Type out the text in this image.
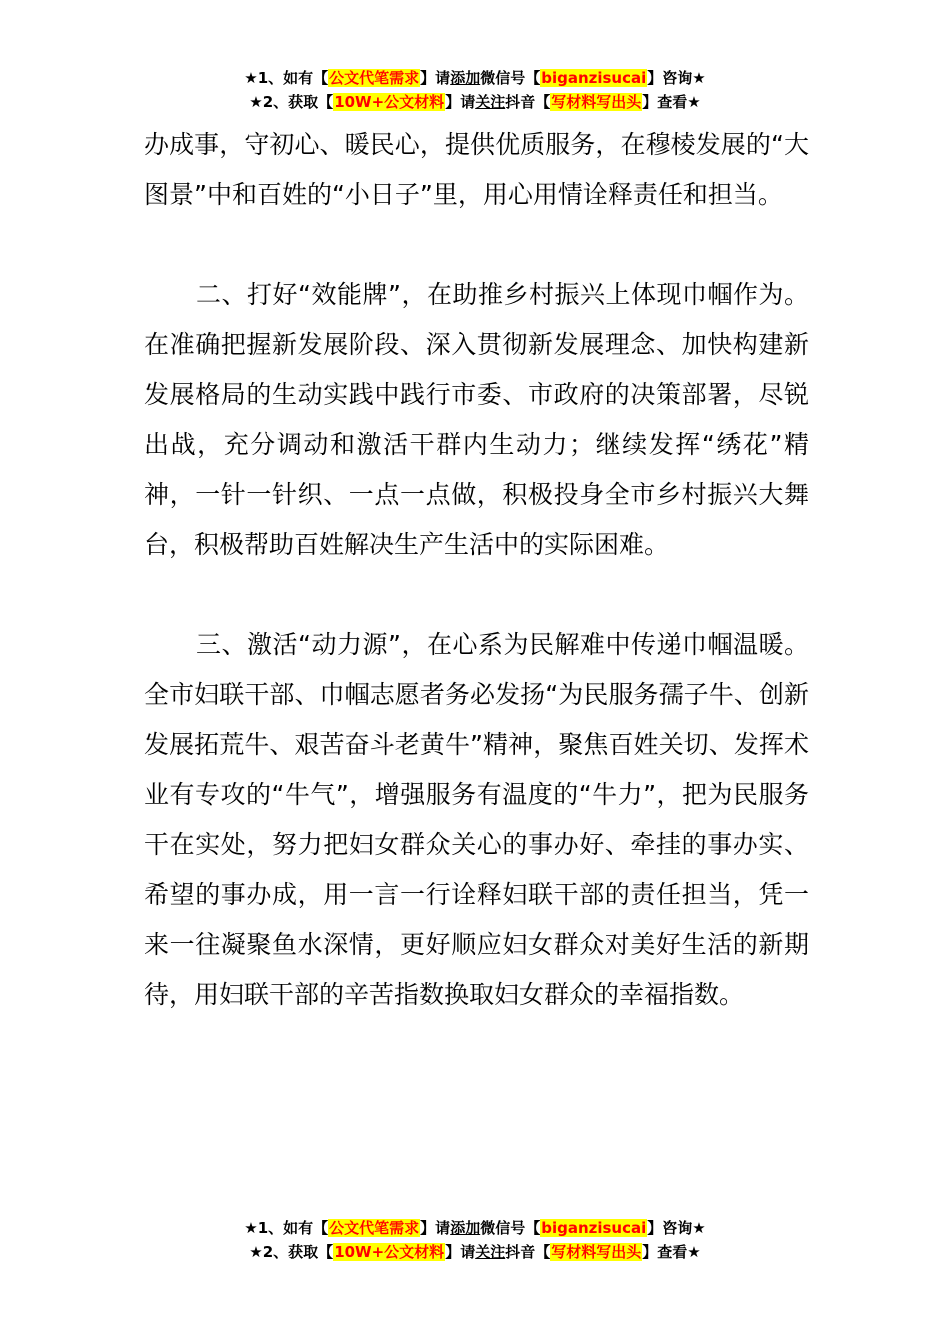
★1、如有【公文代笔需求】请添加微信号【biganzisucai】咨询★
★2、获取【10W+公文材料】请关注抖音【写材料写出头】查看★

办成事，守初心、暖民心，提供优质服务，在穆棱发展的“大图景”中和百姓的“小日子”里，用心用情诠释责任和担当。

二、打好“效能牌”，在助推乡村振兴上体现巾帼作为。在准确把握新发展阶段、深入贯彻新发展理念、加快构建新发展格局的生动实践中践行市委、市政府的决策部署，尽锐出战，充分调动和激活干群内生动力；继续发挥“绣花”精神，一针一针织、一点一点做，积极投身全市乡村振兴大舞台，积极帮助百姓解决生产生活中的实际困难。

三、激活“动力源”，在心系为民解难中传递巾帼温暖。全市妇联干部、巾帼志愿者务必发扬“为民服务孺子牛、创新发展拓荒牛、艰苦奋斗老黄牛”精神，聚焦百姓关切、发挥术业有专攻的“牛气”，增强服务有温度的“牛力”，把为民服务干在实处，努力把妇女群众关心的事办好、牵挂的事办实、希望的事办成，用一言一行诠释妇联干部的责任担当，凭一来一往凝聚鱼水深情，更好顺应妇女群众对美好生活的新期待，用妇联干部的辛苦指数换取妇女群众的幸福指数。

★1、如有【公文代笔需求】请添加微信号【biganzisucai】咨询★
★2、获取【10W+公文材料】请关注抖音【写材料写出头】查看★
